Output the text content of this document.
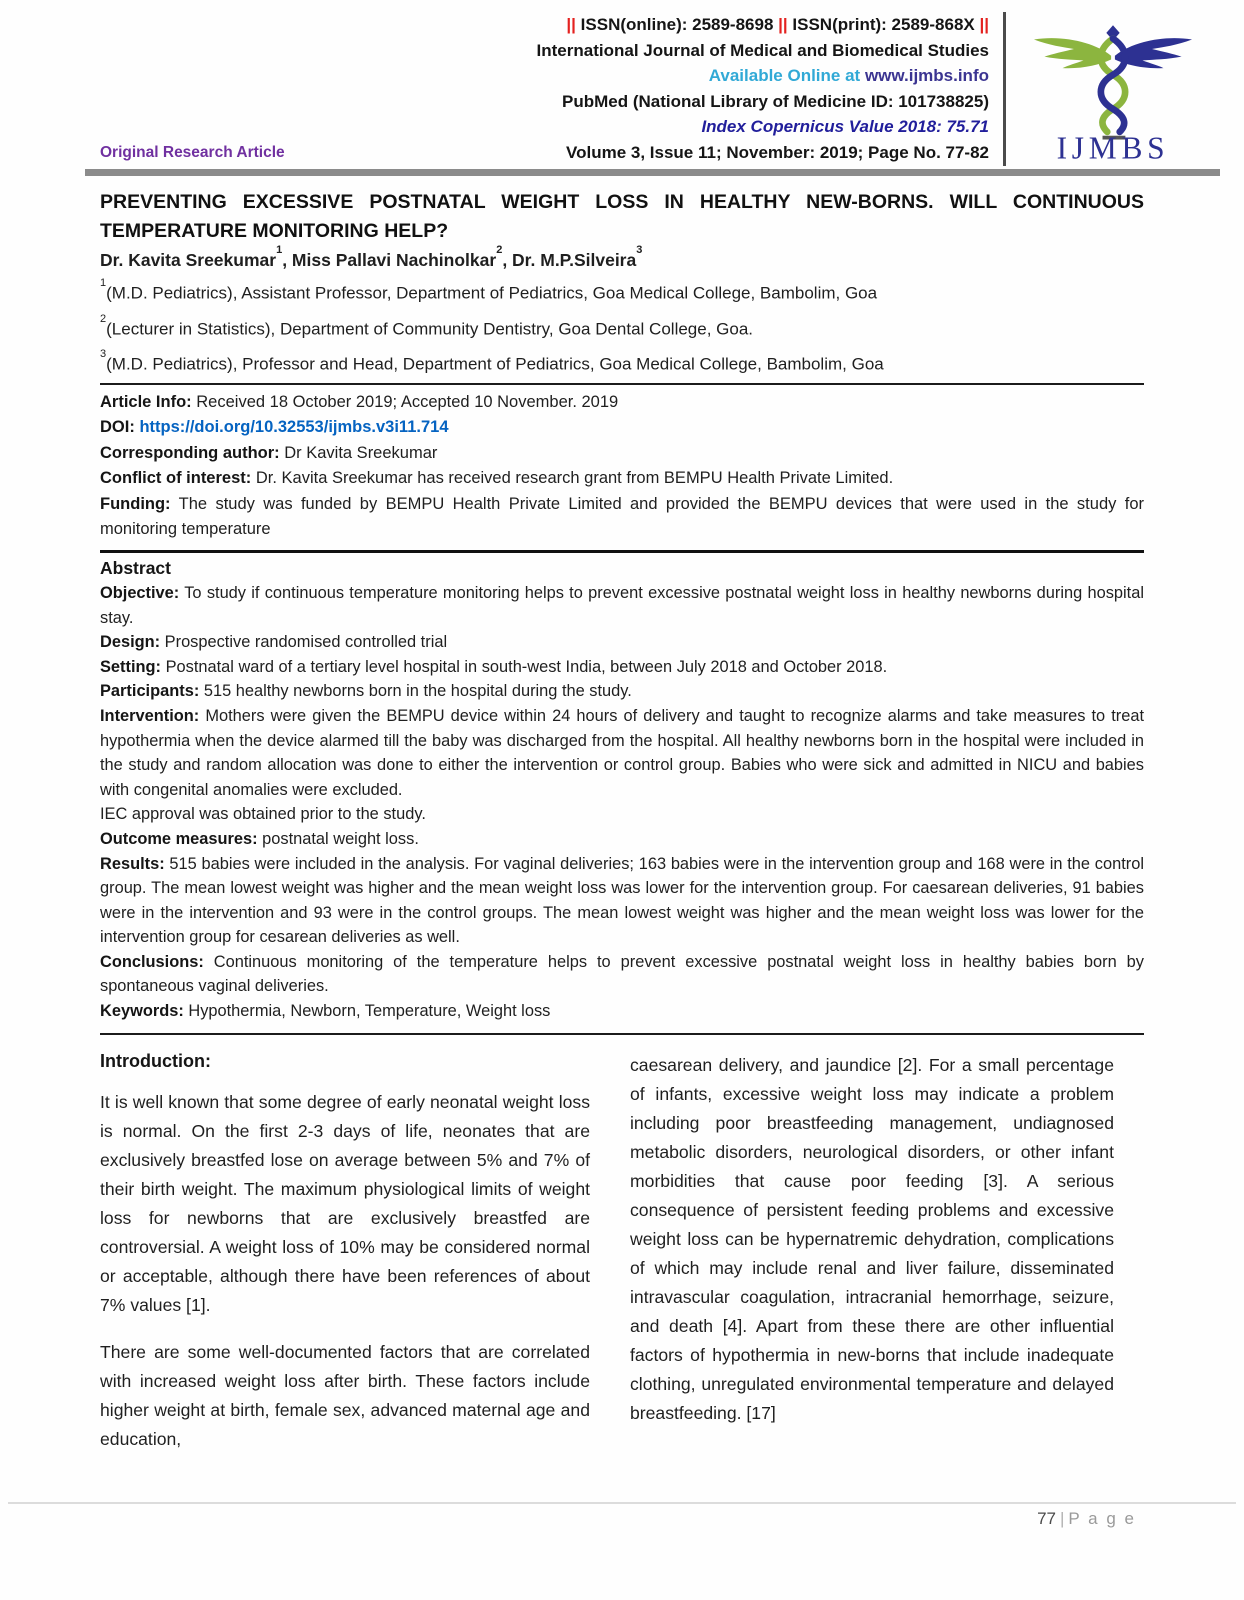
Original Research Article
|| ISSN(online): 2589-8698 || ISSN(print): 2589-868X ||
International Journal of Medical and Biomedical Studies
Available Online at www.ijmbs.info
PubMed (National Library of Medicine ID: 101738825)
Index Copernicus Value 2018: 75.71
Volume 3, Issue 11; November: 2019; Page No. 77-82 IJMBS
PREVENTING EXCESSIVE POSTNATAL WEIGHT LOSS IN HEALTHY NEW-BORNS. WILL CONTINUOUS TEMPERATURE MONITORING HELP?
Dr. Kavita Sreekumar$^1$, Miss Pallavi Nachinolkar$^2$, Dr. M.P.Silveira$^3$
$^1$(M.D. Pediatrics), Assistant Professor, Department of Pediatrics, Goa Medical College, Bambolim, Goa
$^2$(Lecturer in Statistics), Department of Community Dentistry, Goa Dental College, Goa.
$^3$(M.D. Pediatrics), Professor and Head, Department of Pediatrics, Goa Medical College, Bambolim, Goa

Article Info: Received 18 October 2019; Accepted 10 November. 2019

DOI: https://doi.org/10.32553/ijmbs.v3i11.714

Corresponding author: Dr Kavita Sreekumar

Conflict of interest: Dr. Kavita Sreekumar has received research grant from BEMPU Health Private Limited.

Funding: The study was funded by BEMPU Health Private Limited and provided the BEMPU devices that were used in the study for monitoring temperature

Abstract

Objective: To study if continuous temperature monitoring helps to prevent excessive postnatal weight loss in healthy newborns during hospital stay.

Design: Prospective randomised controlled trial

Setting: Postnatal ward of a tertiary level hospital in south-west India, between July 2018 and October 2018.

Participants: 515 healthy newborns born in the hospital during the study.

Intervention: Mothers were given the BEMPU device within 24 hours of delivery and taught to recognize alarms and take measures to treat hypothermia when the device alarmed till the baby was discharged from the hospital. All healthy newborns born in the hospital were included in the study and random allocation was done to either the intervention or control group. Babies who were sick and admitted in NICU and babies with congenital anomalies were excluded.

IEC approval was obtained prior to the study.

Outcome measures: postnatal weight loss.

Results: 515 babies were included in the analysis. For vaginal deliveries; 163 babies were in the intervention group and 168 were in the control group. The mean lowest weight was higher and the mean weight loss was lower for the intervention group. For caesarean deliveries, 91 babies were in the intervention and 93 were in the control groups. The mean lowest weight was higher and the mean weight loss was lower for the intervention group for cesarean deliveries as well.

Conclusions: Continuous monitoring of the temperature helps to prevent excessive postnatal weight loss in healthy babies born by spontaneous vaginal deliveries.

Keywords: Hypothermia, Newborn, Temperature, Weight loss

Introduction:

It is well known that some degree of early neonatal weight loss is normal. On the first 2-3 days of life, neonates that are exclusively breastfed lose on average between 5% and 7% of their birth weight. The maximum physiological limits of weight loss for newborns that are exclusively breastfed are controversial. A weight loss of 10% may be considered normal or acceptable, although there have been references of about 7% values [1].

There are some well-documented factors that are correlated with increased weight loss after birth. These factors include higher weight at birth, female sex, advanced maternal age and education,

caesarean delivery, and jaundice [2]. For a small percentage of infants, excessive weight loss may indicate a problem including poor breastfeeding management, undiagnosed metabolic disorders, neurological disorders, or other infant morbidities that cause poor feeding [3]. A serious consequence of persistent feeding problems and excessive weight loss can be hypernatremic dehydration, complications of which may include renal and liver failure, disseminated intravascular coagulation, intracranial hemorrhage, seizure, and death [4]. Apart from these there are other influential factors of hypothermia in new-borns that include inadequate clothing, unregulated environmental temperature and delayed breastfeeding. [17]

77 | P a g e
